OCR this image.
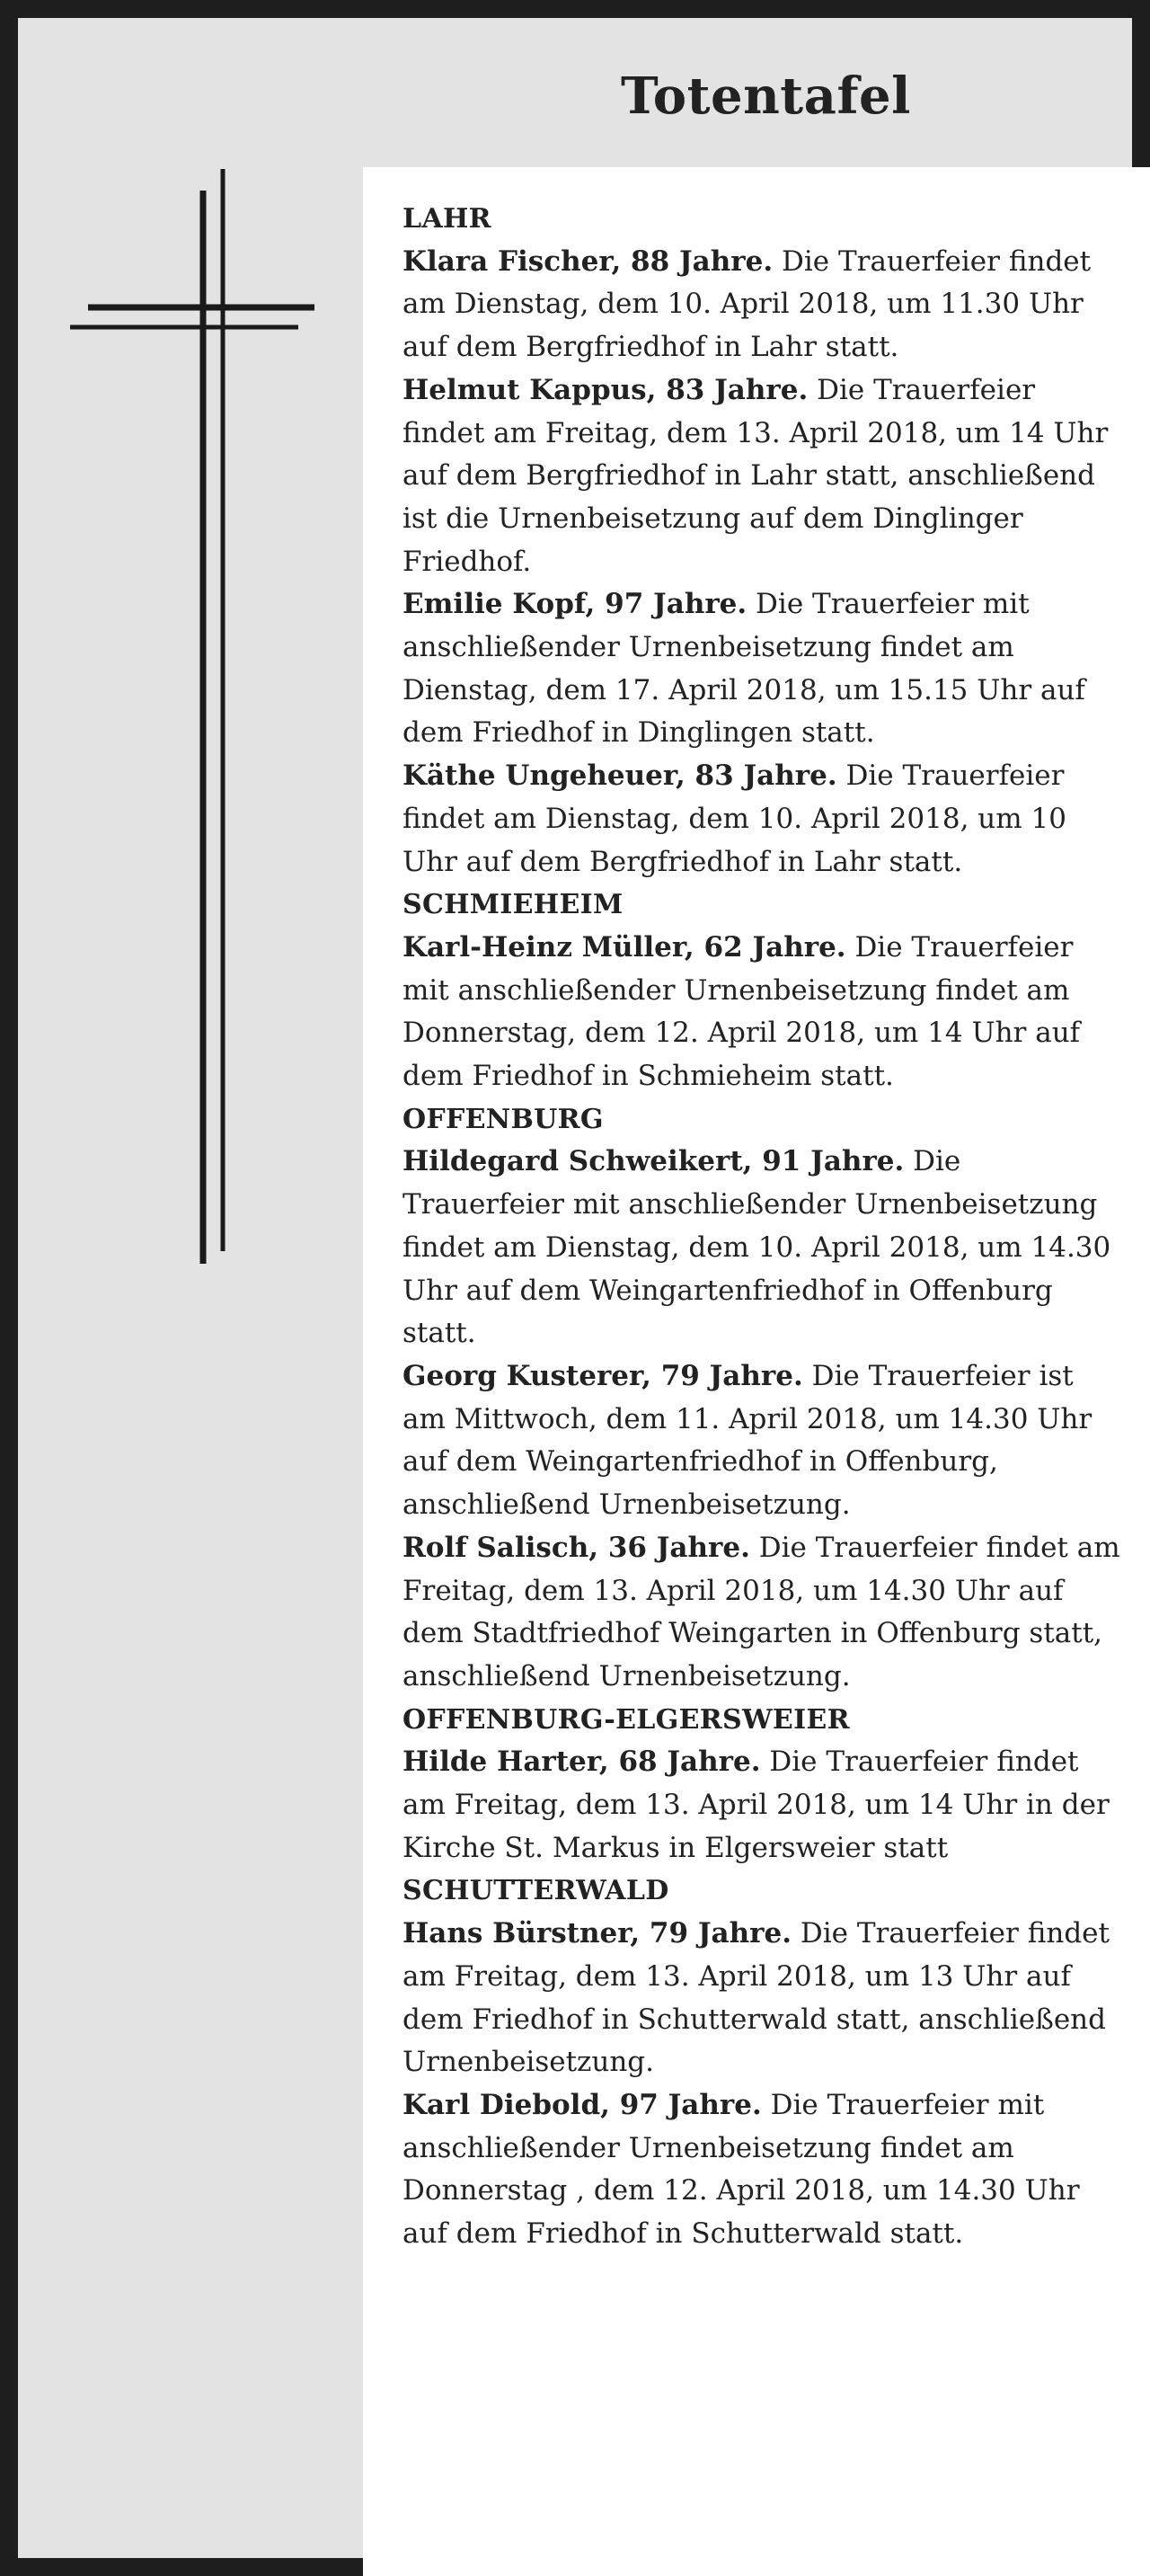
Totentafel
LAHR

Klara Fischer, 88 Jahre. Die Trauerfeier findet am Dienstag, dem 10. April 2018, um 11.30 Uhr auf dem Bergfriedhof in Lahr statt.

Helmut Kappus, 83 Jahre. Die Trauerfeier findet am Freitag, dem 13. April 2018, um 14 Uhr auf dem Bergfriedhof in Lahr statt, anschließend ist die Urnenbeisetzung auf dem Dinglinger Friedhof.

Emilie Kopf, 97 Jahre. Die Trauerfeier mit anschließender Urnenbeisetzung findet am Dienstag, dem 17. April 2018, um 15.15 Uhr auf dem Friedhof in Dinglingen statt.

Käthe Ungeheuer, 83 Jahre. Die Trauerfeier findet am Dienstag, dem 10. April 2018, um 10 Uhr auf dem Bergfriedhof in Lahr statt.

SCHMIEHEIM

Karl-Heinz Müller, 62 Jahre. Die Trauerfeier mit anschließender Urnenbeisetzung findet am Donnerstag, dem 12. April 2018, um 14 Uhr auf dem Friedhof in Schmieheim statt.

OFFENBURG

Hildegard Schweikert, 91 Jahre. Die Trauerfeier mit anschließender Urnenbeisetzung findet am Dienstag, dem 10. April 2018, um 14.30 Uhr auf dem Weingartenfriedhof in Offenburg statt.

Georg Kusterer, 79 Jahre. Die Trauerfeier ist am Mittwoch, dem 11. April 2018, um 14.30 Uhr auf dem Weingartenfriedhof in Offenburg, anschließend Urnenbeisetzung.

Rolf Salisch, 36 Jahre. Die Trauerfeier findet am Freitag, dem 13. April 2018, um 14.30 Uhr auf dem Stadtfriedhof Weingarten in Offenburg statt, anschließend Urnenbeisetzung.

OFFENBURG-ELGERSWEIER

Hilde Harter, 68 Jahre. Die Trauerfeier findet am Freitag, dem 13. April 2018, um 14 Uhr in der Kirche St. Markus in Elgersweier statt

SCHUTTERWALD

Hans Bürstner, 79 Jahre. Die Trauerfeier findet am Freitag, dem 13. April 2018, um 13 Uhr auf dem Friedhof in Schutterwald statt, anschließend Urnenbeisetzung.

Karl Diebold, 97 Jahre. Die Trauerfeier mit anschließender Urnenbeisetzung findet am Donnerstag , dem 12. April 2018, um 14.30 Uhr auf dem Friedhof in Schutterwald statt.
